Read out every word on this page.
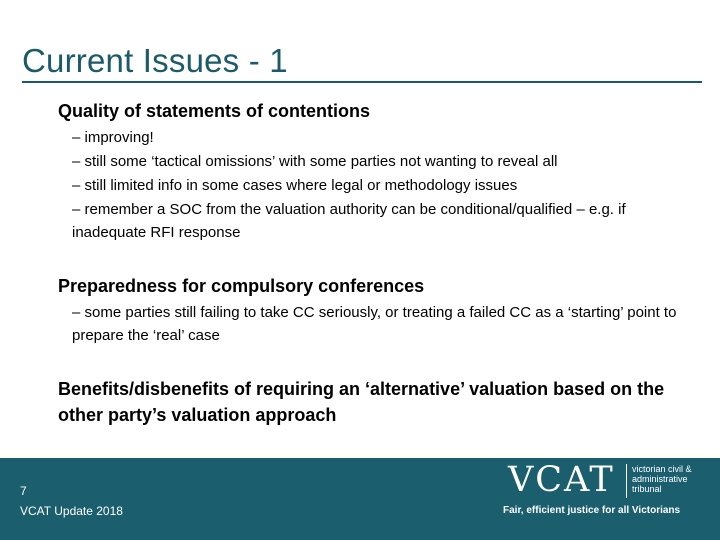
Current Issues - 1

Quality of statements of contentions

– improving!
– still some ‘tactical omissions’ with some parties not wanting to reveal all
– still limited info in some cases where legal or methodology issues
– remember a SOC from the valuation authority can be conditional/qualified – e.g. if inadequate RFI response

Preparedness for compulsory conferences

– some parties still failing to take CC seriously, or treating a failed CC as a ‘starting’ point to prepare the ‘real’ case

Benefits/disbenefits of requiring an ‘alternative’ valuation based on the other party’s valuation approach

7
VCAT Update 2018
VCAT victorian civil &
administrative
tribunal
Fair, efficient justice for all Victorians
